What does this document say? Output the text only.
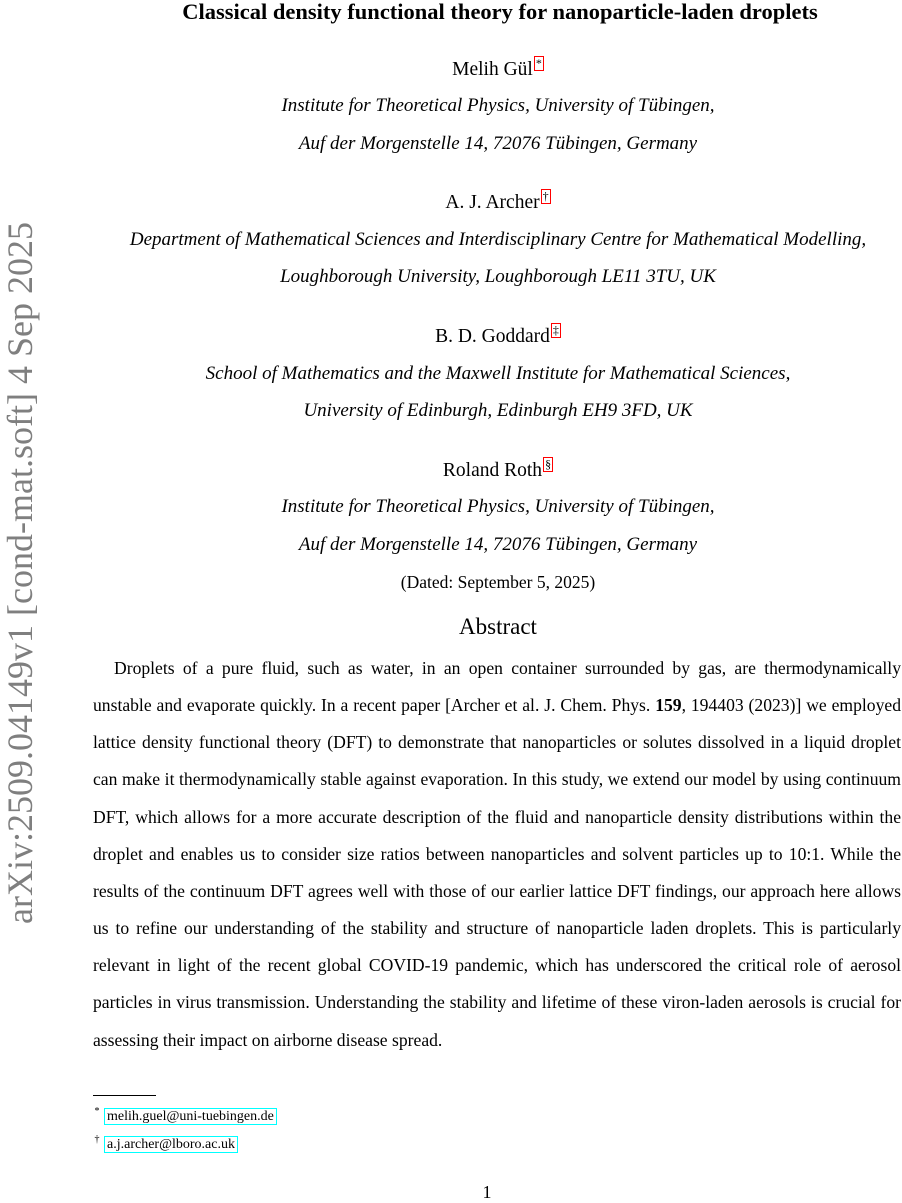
arXiv:2509.04149v1 [cond-mat.soft] 4 Sep 2025
Classical density functional theory for nanoparticle-laden droplets
Melih Gül *
Institute for Theoretical Physics, University of Tübingen,
Auf der Morgenstelle 14, 72076 Tübingen, Germany
A. J. Archer †
Department of Mathematical Sciences and Interdisciplinary Centre for Mathematical Modelling,
Loughborough University, Loughborough LE11 3TU, UK
B. D. Goddard ‡
School of Mathematics and the Maxwell Institute for Mathematical Sciences,
University of Edinburgh, Edinburgh EH9 3FD, UK
Roland Roth §
Institute for Theoretical Physics, University of Tübingen,
Auf der Morgenstelle 14, 72076 Tübingen, Germany
(Dated: September 5, 2025)
Abstract

Droplets of a pure fluid, such as water, in an open container surrounded by gas, are thermodynamically unstable and evaporate quickly. In a recent paper [Archer et al. J. Chem. Phys. 159, 194403 (2023)] we employed lattice density functional theory (DFT) to demonstrate that nanoparticles or solutes dissolved in a liquid droplet can make it thermodynamically stable against evaporation. In this study, we extend our model by using continuum DFT, which allows for a more accurate description of the fluid and nanoparticle density distributions within the droplet and enables us to consider size ratios between nanoparticles and solvent particles up to 10:1. While the results of the continuum DFT agrees well with those of our earlier lattice DFT findings, our approach here allows us to refine our understanding of the stability and structure of nanoparticle laden droplets. This is particularly relevant in light of the recent global COVID-19 pandemic, which has underscored the critical role of aerosol particles in virus transmission. Understanding the stability and lifetime of these viron-laden aerosols is crucial for assessing their impact on airborne disease spread.

* melih.guel@uni-tuebingen.de
† a.j.archer@lboro.ac.uk
1
